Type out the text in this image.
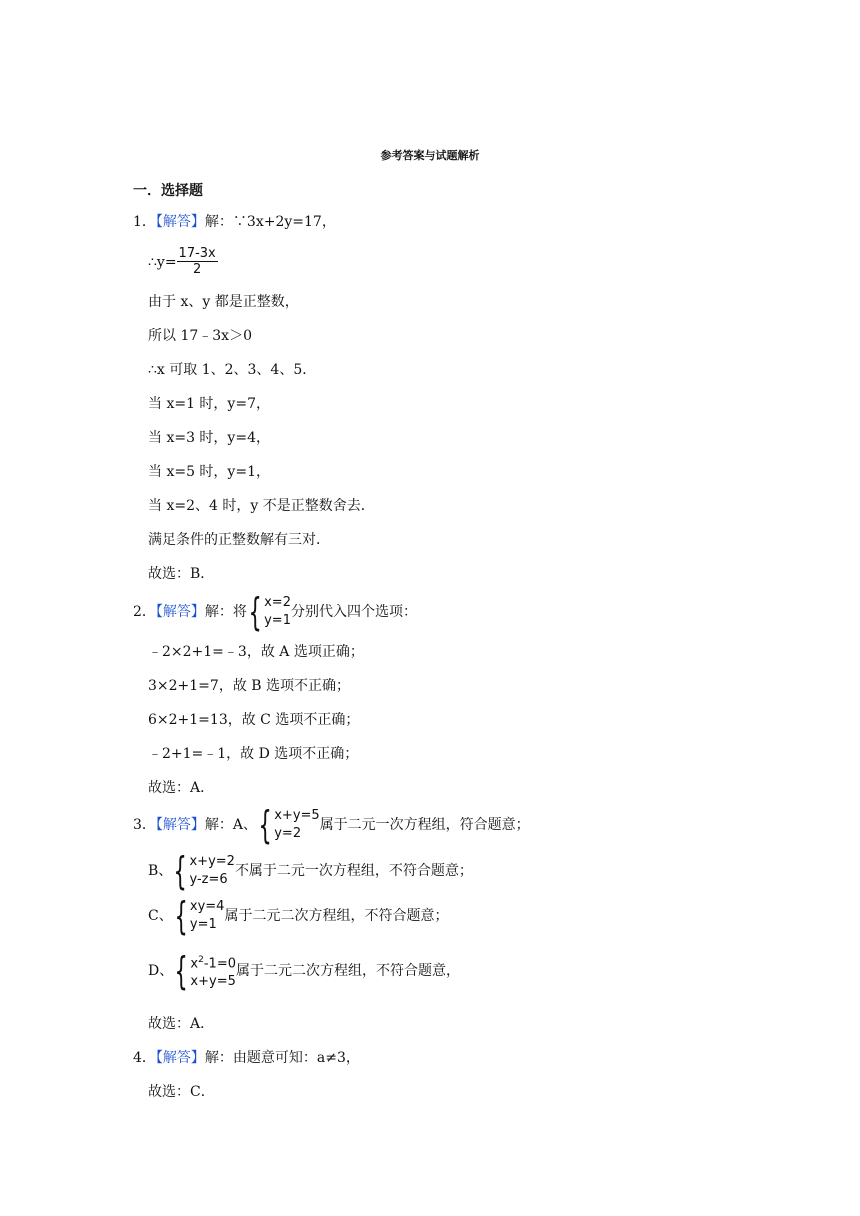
参考答案与试题解析
一．选择题
1．【解答】解：∵3x+2y=17，
∴y= $\frac{17-3x}{2}$
由于 x、y 都是正整数，
所以 17﹣3x＞0
∴x 可取 1、2、3、4、5．
当 x=1 时，y=7，
当 x=3 时，y=4，
当 x=5 时，y=1，
当 x=2、4 时，y 不是正整数舍去．
满足条件的正整数解有三对．
故选：B．
2．【解答】解：将 { x=2
y=1
分别代入四个选项：
﹣2×2+1=﹣3，故 A 选项正确；
3×2+1=7，故 B 选项不正确；
6×2+1=13，故 C 选项不正确；
﹣2+1=﹣1，故 D 选项不正确；
故选：A．
3．【解答】解：A、 { x+y=5
y=2
属于二元一次方程组，符合题意；
B、 { x+y=2
y-z=6
不属于二元一次方程组，不符合题意；
C、 { xy=4
y=1
属于二元二次方程组，不符合题意；
D、 { $x^2-1=0$
x+y=5
属于二元二次方程组，不符合题意，
故选：A．
4．【解答】解：由题意可知：a≠3，
故选：C．
